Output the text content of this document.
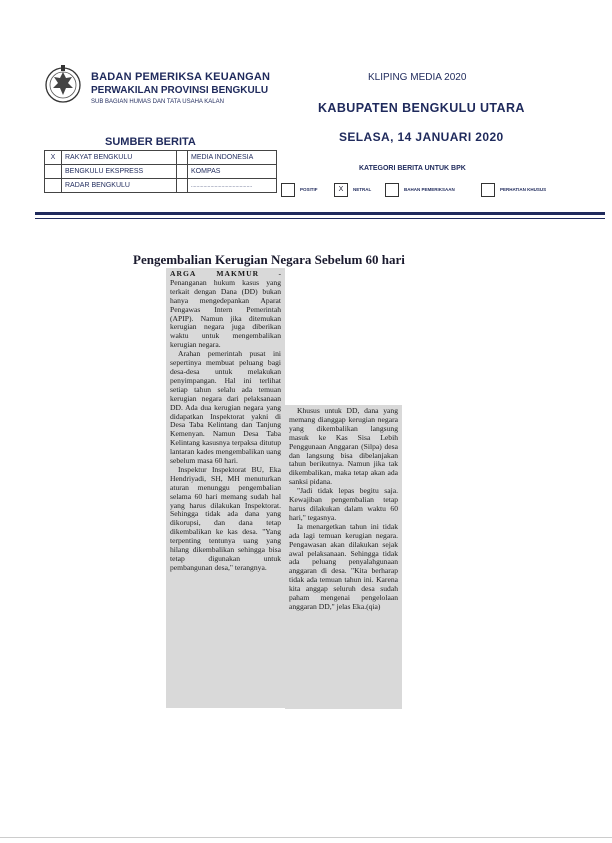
BADAN PEMERIKSA KEUANGAN
PERWAKILAN PROVINSI BENGKULU
SUB BAGIAN HUMAS DAN TATA USAHA KALAN
KLIPING MEDIA 2020
KABUPATEN BENGKULU UTARA
SELASA, 14 JANUARI 2020
SUMBER BERITA
X	RAKYAT BENGKULU		MEDIA INDONESIA
	BENGKULU EKSPRESS		KOMPAS
	RADAR BENGKULU		............................................
KATEGORI BERITA UNTUK BPK
POSITIF	X	NETRAL	BAHAN PEMERIKSAAN	PERHATIAN KHUSUS
Pengembalian Kerugian Negara Sebelum 60 hari

ARGA MAKMUR - Penanganan hukum kasus yang terkait dengan Dana (DD) bukan hanya mengedepankan Aparat Pengawas Intern Pemerintah (APIP). Namun jika ditemukan kerugian negara juga diberikan waktu untuk mengembalikan kerugian negara.

Arahan pemerintah pusat ini sepertinya membuat peluang bagi desa-desa untuk melakukan penyimpangan. Hal ini terlihat setiap tahun selalu ada temuan kerugian negara dari pelaksanaan DD. Ada dua kerugian negara yang didapatkan Inspektorat yakni di Desa Taba Kelintang dan Tanjung Kemenyan. Namun Desa Taba Kelintang kasusnya terpaksa ditutup lantaran kades mengembalikan uang sebelum masa 60 hari.

Inspektur Inspektorat BU, Eka Hendriyadi, SH, MH menuturkan aturan menunggu pengembalian selama 60 hari memang sudah hal yang harus dilakukan Inspektorat. Sehingga tidak ada dana yang dikorupsi, dan dana tetap dikembalikan ke kas desa. "Yang terpenting tentunya uang yang hilang dikembalikan sehingga bisa tetap digunakan untuk pembangunan desa," terangnya.

Khusus untuk DD, dana yang memang dianggap kerugian negara yang dikembalikan langsung masuk ke Kas Sisa Lebih Penggunaan Anggaran (Silpa) desa dan langsung bisa dibelanjakan tahun berikutnya. Namun jika tak dikembalikan, maka tetap akan ada sanksi pidana.

"Jadi tidak lepas begitu saja. Kewajiban pengembalian tetap harus dilakukan dalam waktu 60 hari," tegasnya.

Ia menargetkan tahun ini tidak ada lagi temuan kerugian negara. Pengawasan akan dilakukan sejak awal pelaksanaan. Sehingga tidak ada peluang penyalahgunaan anggaran di desa. "Kita berharap tidak ada temuan tahun ini. Karena kita anggap seluruh desa sudah paham mengenai pengelolaan anggaran DD," jelas Eka.(qia)
